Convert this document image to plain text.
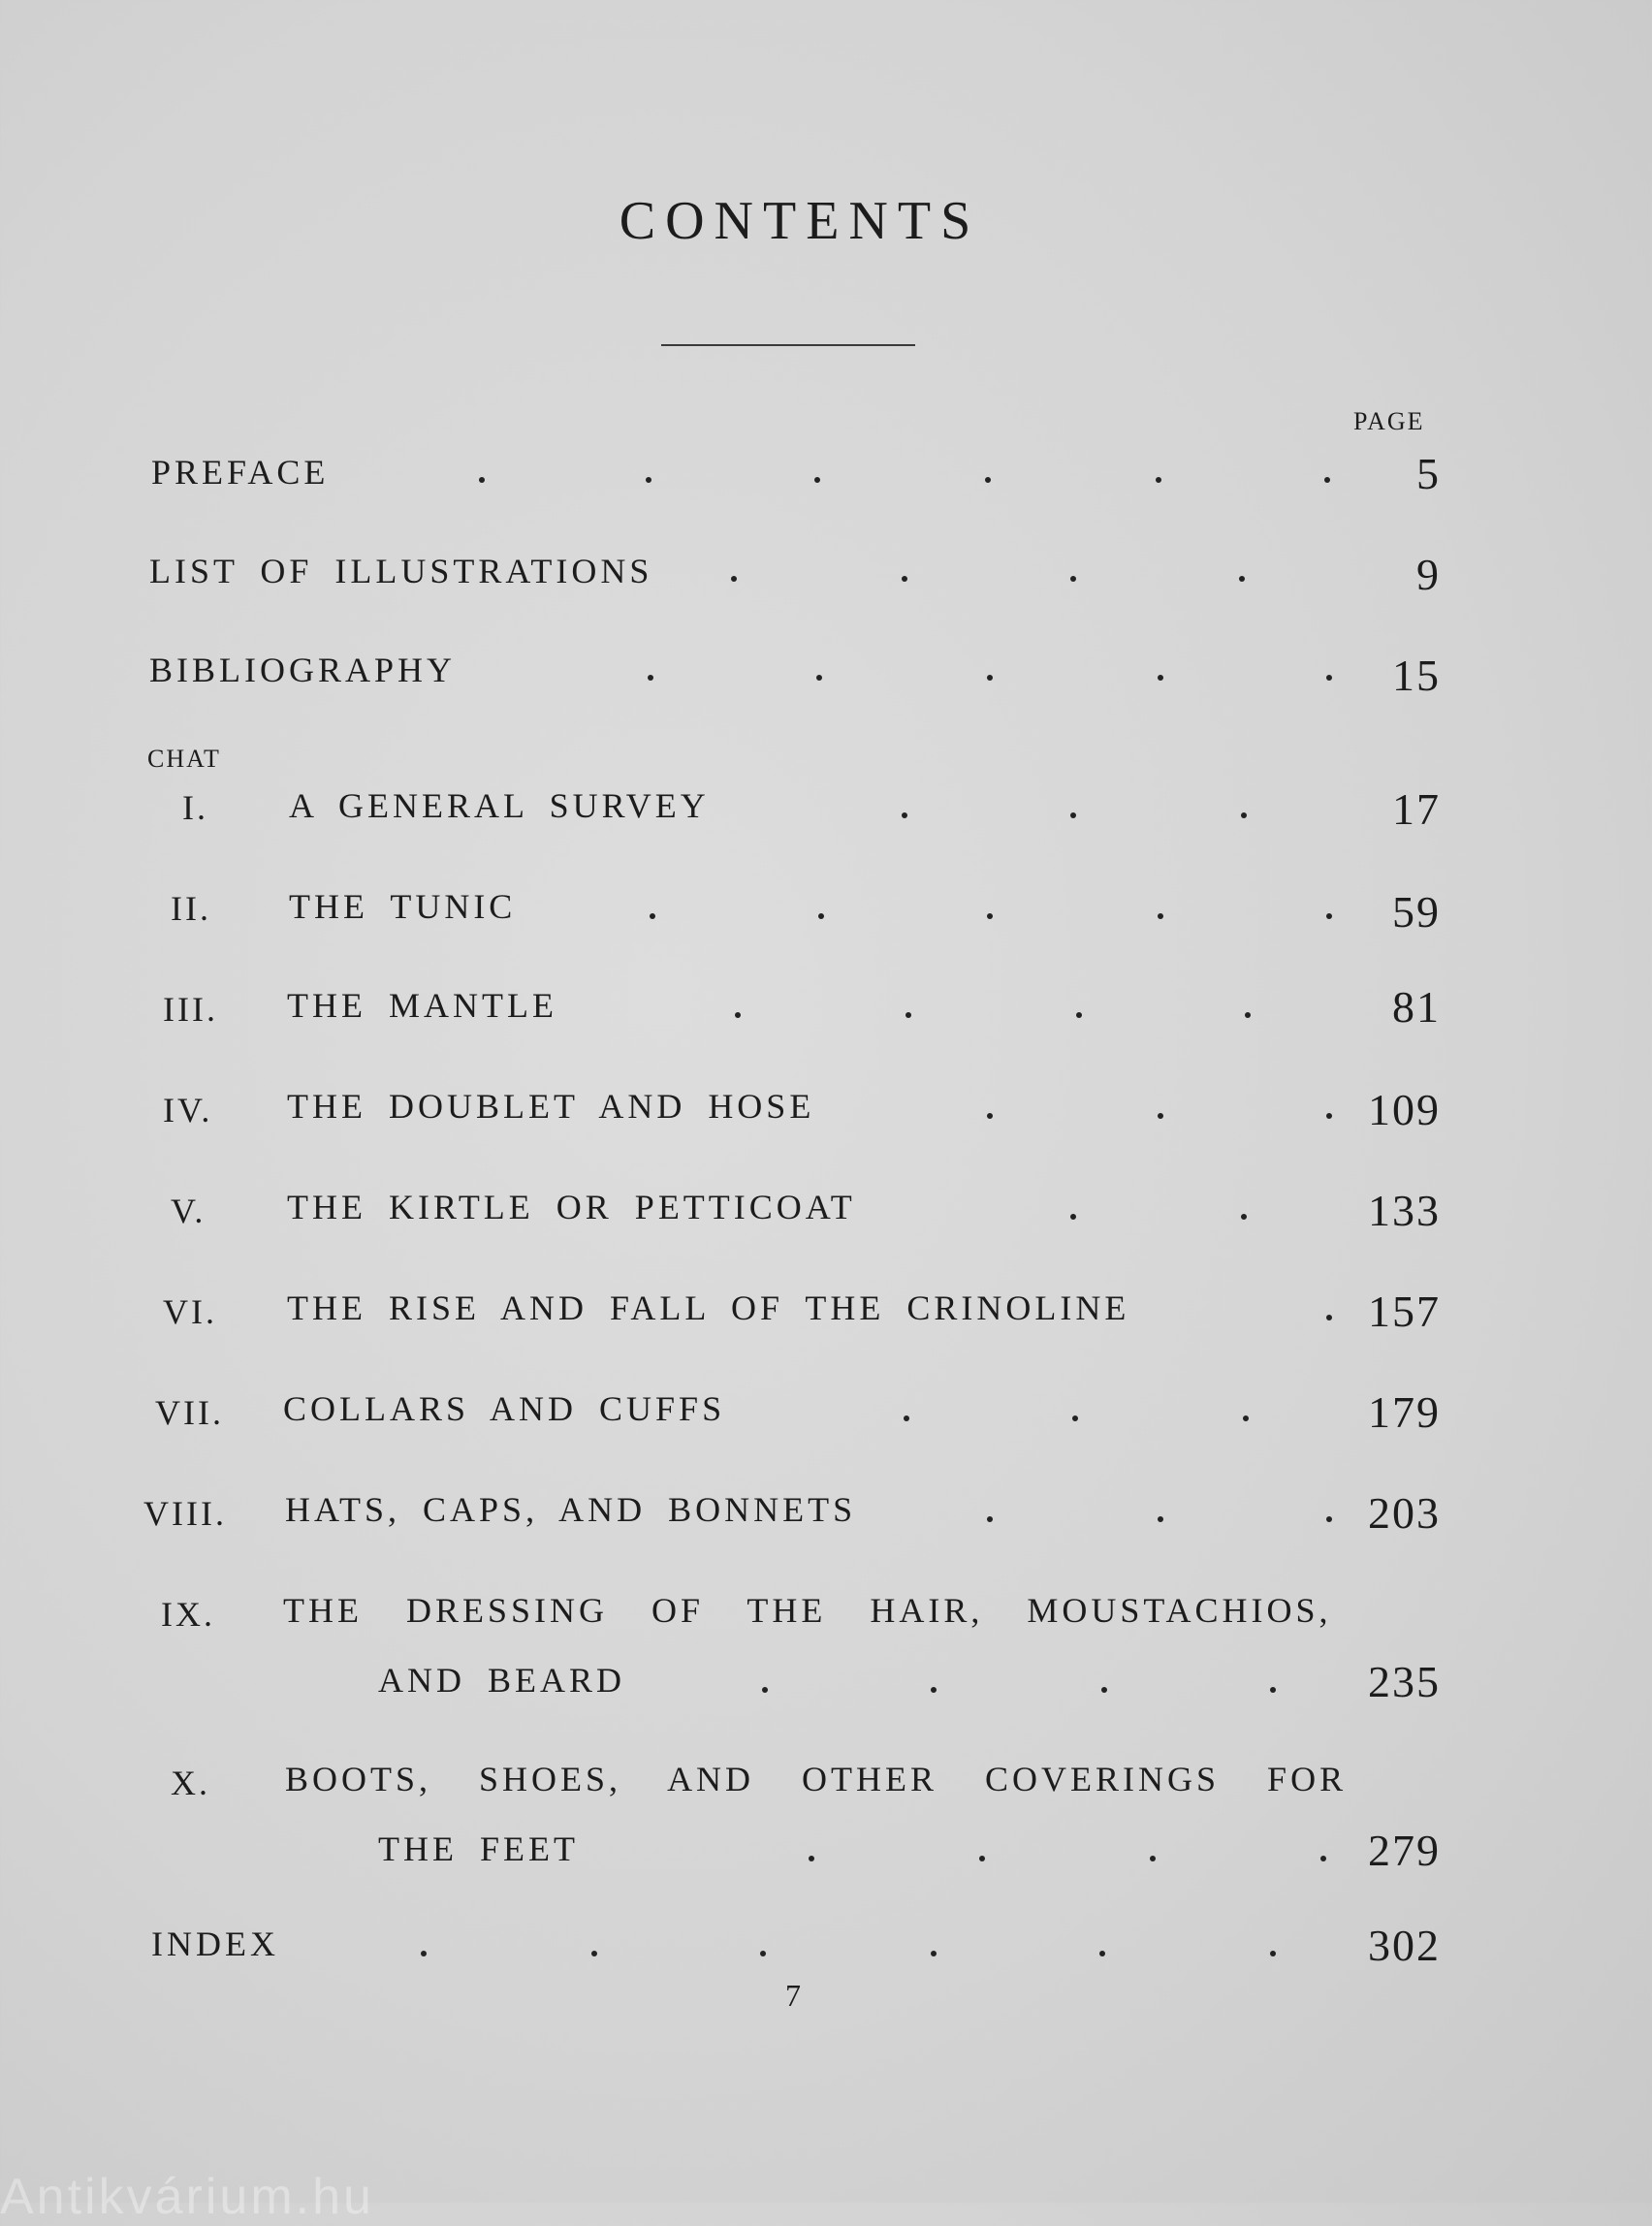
CONTENTS
PAGE
PREFACE	5
LIST OF ILLUSTRATIONS	9
BIBLIOGRAPHY	15
CHAT
I. A GENERAL SURVEY	17
II. THE TUNIC	59
III. THE MANTLE	81
IV. THE DOUBLET AND HOSE	109
V. THE KIRTLE OR PETTICOAT	133
VI. THE RISE AND FALL OF THE CRINOLINE	157
VII. COLLARS AND CUFFS	179
VIII. HATS, CAPS, AND BONNETS	203
IX. THE DRESSING OF THE HAIR, MOUSTACHIOS,
AND BEARD	235
X. BOOTS, SHOES, AND OTHER COVERINGS FOR
THE FEET	279
INDEX	302
7
Antikvárium.hu
